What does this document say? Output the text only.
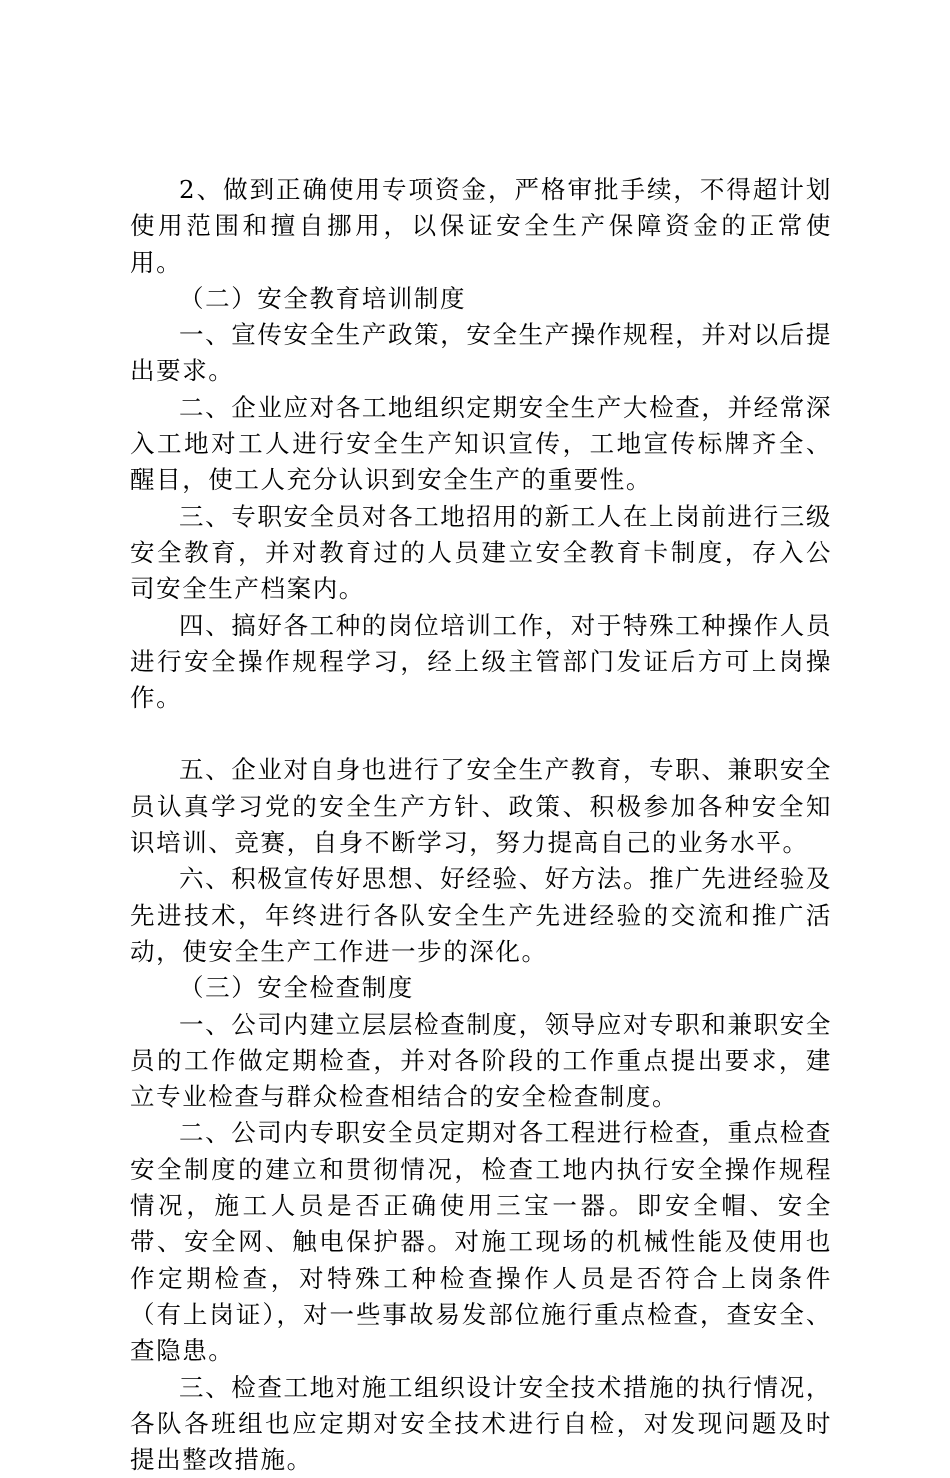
2、做到正确使用专项资金，严格审批手续，不得超计划使用范围和擅自挪用，以保证安全生产保障资金的正常使用。

（二）安全教育培训制度

一、宣传安全生产政策，安全生产操作规程，并对以后提出要求。

二、企业应对各工地组织定期安全生产大检查，并经常深入工地对工人进行安全生产知识宣传，工地宣传标牌齐全、醒目，使工人充分认识到安全生产的重要性。

三、专职安全员对各工地招用的新工人在上岗前进行三级安全教育，并对教育过的人员建立安全教育卡制度，存入公司安全生产档案内。

四、搞好各工种的岗位培训工作，对于特殊工种操作人员进行安全操作规程学习，经上级主管部门发证后方可上岗操作。

五、企业对自身也进行了安全生产教育，专职、兼职安全员认真学习党的安全生产方针、政策、积极参加各种安全知识培训、竞赛，自身不断学习，努力提高自己的业务水平。

六、积极宣传好思想、好经验、好方法。推广先进经验及先进技术，年终进行各队安全生产先进经验的交流和推广活动，使安全生产工作进一步的深化。

（三）安全检查制度

一、公司内建立层层检查制度，领导应对专职和兼职安全员的工作做定期检查，并对各阶段的工作重点提出要求，建立专业检查与群众检查相结合的安全检查制度。

二、公司内专职安全员定期对各工程进行检查，重点检查安全制度的建立和贯彻情况，检查工地内执行安全操作规程情况，施工人员是否正确使用三宝一器。即安全帽、安全带、安全网、触电保护器。对施工现场的机械性能及使用也作定期检查，对特殊工种检查操作人员是否符合上岗条件（有上岗证），对一些事故易发部位施行重点检查，查安全、查隐患。

三、检查工地对施工组织设计安全技术措施的执行情况，各队各班组也应定期对安全技术进行自检，对发现问题及时提出整改措施。
